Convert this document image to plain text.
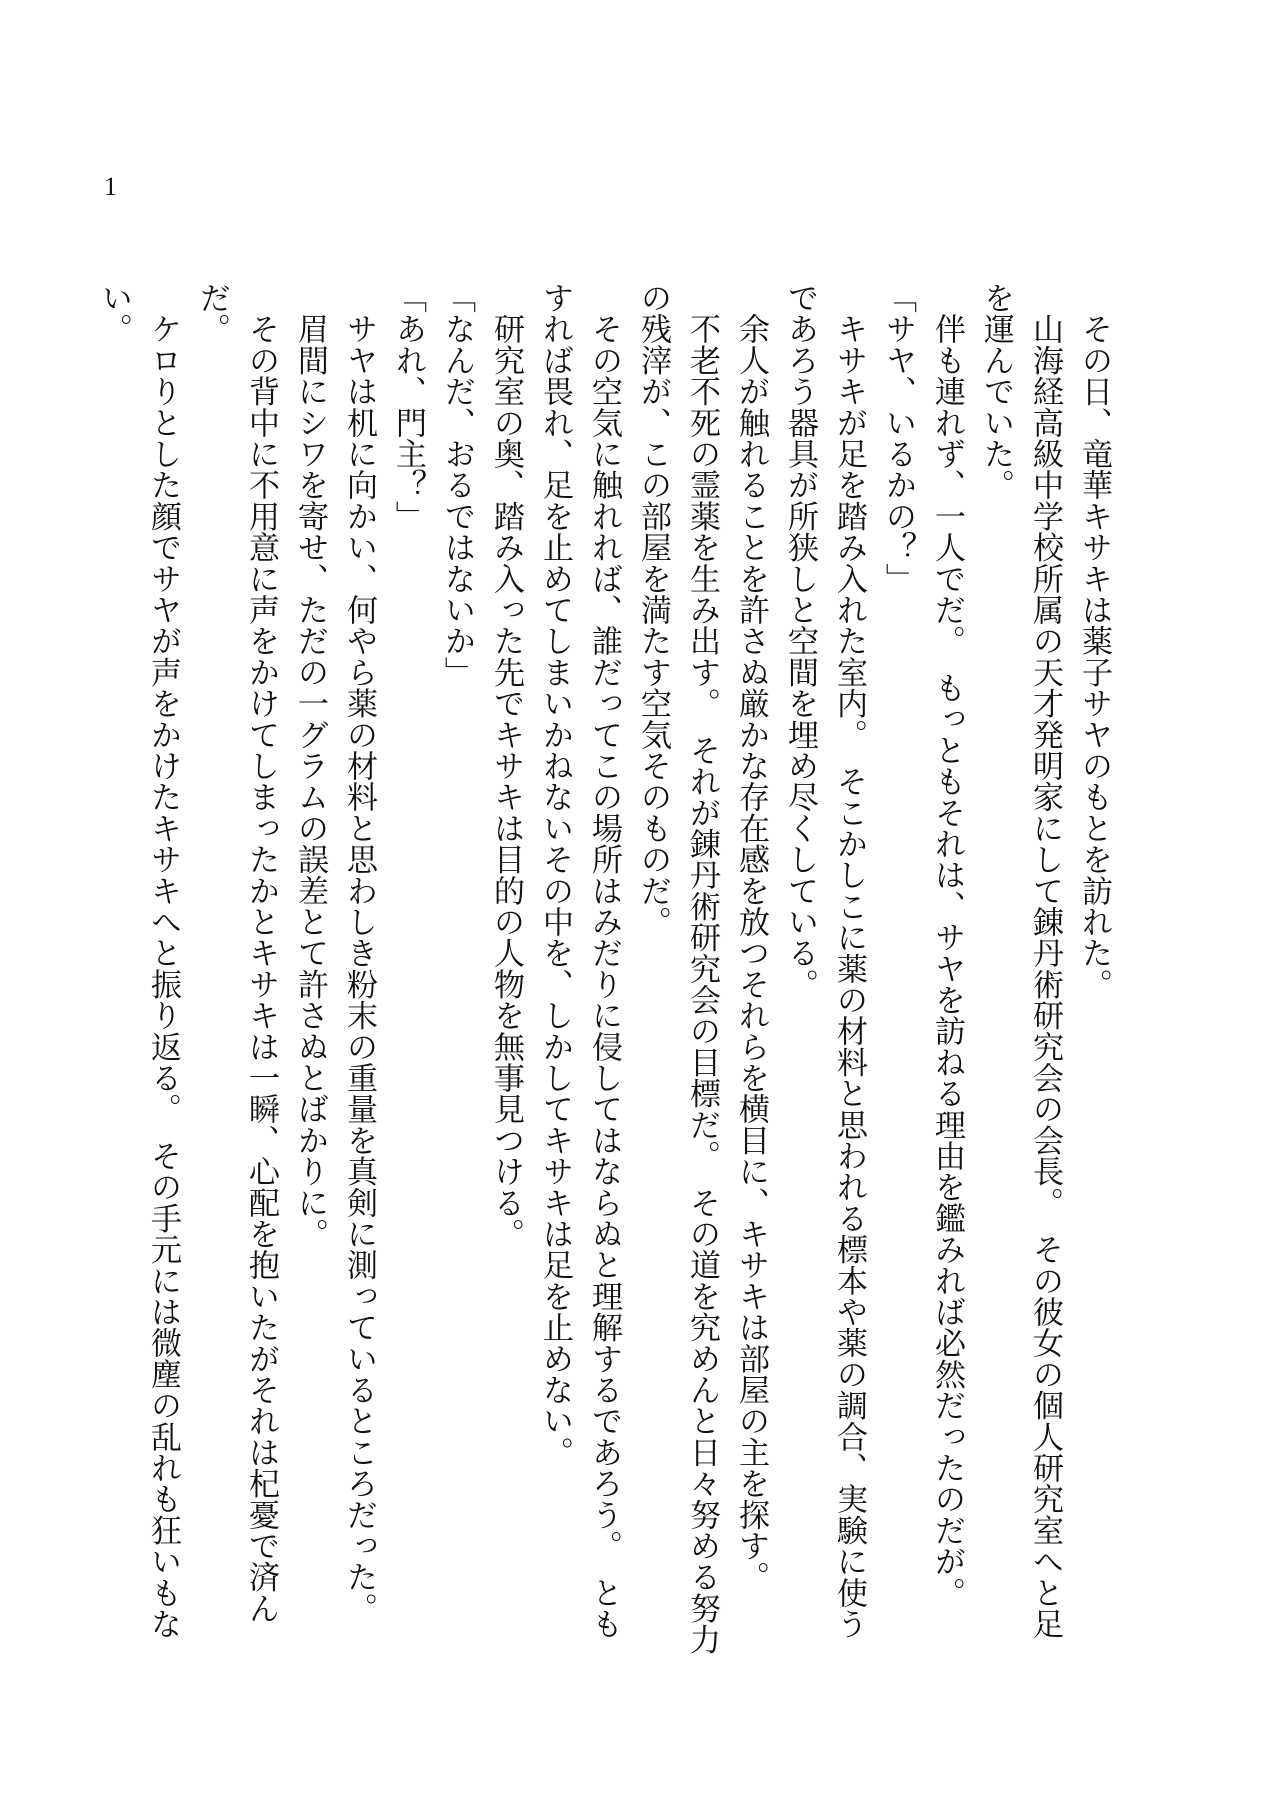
1
　その日、竜華キサキは薬子サヤのもとを訪れた。
　山海経高級中学校所属の天才発明家にして錬丹術研究会の会長。　その彼女の個人研究室へと足
を運んでいた。
　伴も連れず、一人でだ。　もっともそれは、サヤを訪ねる理由を鑑みれば必然だったのだが。
「サヤ、いるかの？」
　キサキが足を踏み入れた室内。　そこかしこに薬の材料と思われる標本や薬の調合、実験に使う
であろう器具が所狭しと空間を埋め尽くしている。
　余人が触れることを許さぬ厳かな存在感を放つそれらを横目に、キサキは部屋の主を探す。
　不老不死の霊薬を生み出す。　それが錬丹術研究会の目標だ。　その道を究めんと日々努める努力
の残滓が、この部屋を満たす空気そのものだ。
　その空気に触れれば、誰だってこの場所はみだりに侵してはならぬと理解するであろう。　とも
すれば畏れ、足を止めてしまいかねないその中を、しかしてキサキは足を止めない。
　研究室の奥、踏み入った先でキサキは目的の人物を無事見つける。
「なんだ、おるではないか」
「あれ、門主？」
　サヤは机に向かい、何やら薬の材料と思わしき粉末の重量を真剣に測っているところだった。
　眉間にシワを寄せ、ただの一グラムの誤差とて許さぬとばかりに。
　その背中に不用意に声をかけてしまったかとキサキは一瞬、心配を抱いたがそれは杞憂で済ん
だ。
　ケロりとした顔でサヤが声をかけたキサキへと振り返る。　その手元には微塵の乱れも狂いもな
い。
